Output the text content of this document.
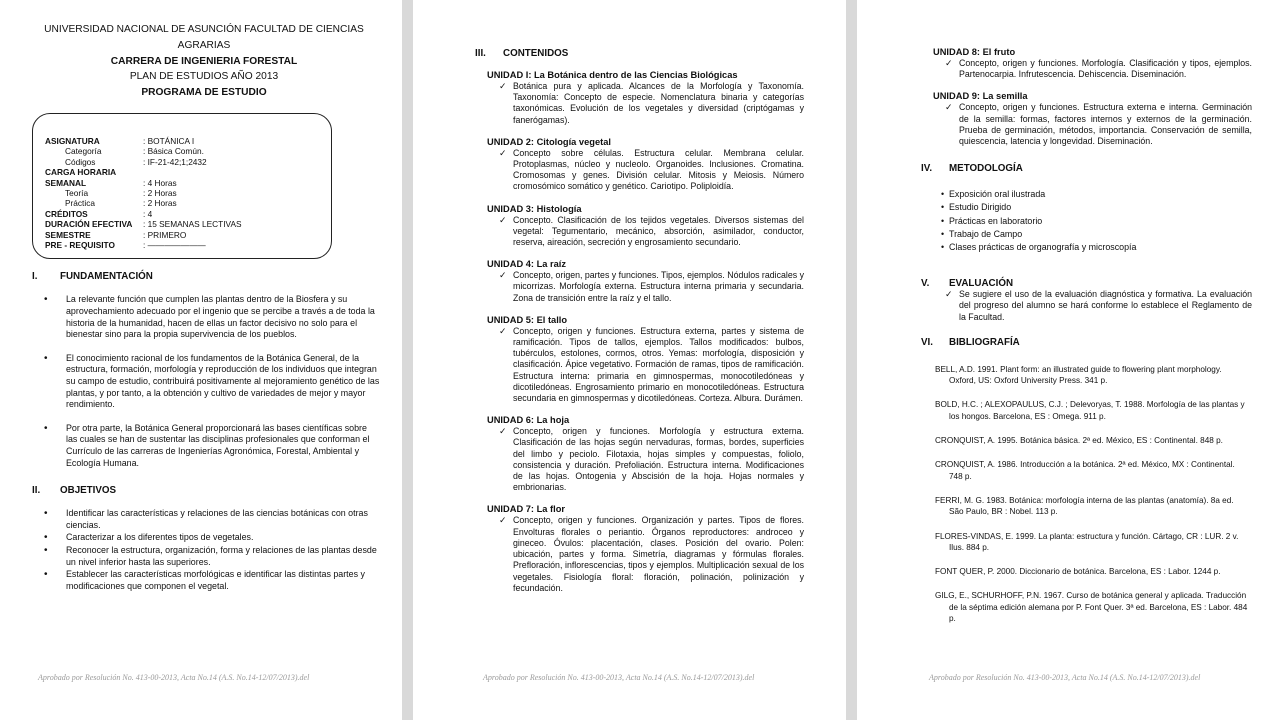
UNIVERSIDAD NACIONAL DE ASUNCIÓN FACULTAD DE CIENCIAS AGRARIAS
CARRERA DE INGENIERIA FORESTAL
PLAN DE ESTUDIOS AÑO 2013
PROGRAMA DE ESTUDIO
ASIGNATURA	: BOTÁNICA I
Categoría	: Básica Común.
Códigos	: IF-21-42;1;2432
CARGA HORARIA
SEMANAL	: 4 Horas
Teoría	: 2 Horas
Práctica	: 2 Horas
CRÉDITOS	: 4
DURACIÓN EFECTIVA	: 15 SEMANAS LECTIVAS
SEMESTRE	: PRIMERO
PRE - REQUISITO	: ———————
I.	FUNDAMENTACIÓN
• La relevante función que cumplen las plantas dentro de la Biosfera y su aprovechamiento adecuado por el ingenio que se percibe a través a de toda la historia de la humanidad, hacen de ellas un factor decisivo no solo para el bienestar sino para la propia supervivencia de los pueblos.
• El conocimiento racional de los fundamentos de la Botánica General, de la estructura, formación, morfología y reproducción de los individuos que integran su campo de estudio, contribuirá positivamente al mejoramiento genético de las plantas, y por tanto, a la obtención y cultivo de variedades de mejor y mayor rendimiento.
• Por otra parte, la Botánica General proporcionará las bases científicas sobre las cuales se han de sustentar las disciplinas profesionales que conforman el Currículo de las carreras de Ingenierías Agronómica, Forestal, Ambiental y Ecología Humana.
II.	OBJETIVOS
• Identificar las características y relaciones de las ciencias botánicas con otras ciencias.
• Caracterizar a los diferentes tipos de vegetales.
• Reconocer la estructura, organización, forma y relaciones de las plantas desde un nivel inferior hasta las superiores.
• Establecer las características morfológicas e identificar las distintas partes y modificaciones que componen el vegetal.
Aprobado por Resolución No. 413-00-2013, Acta No.14 (A.S. No.14-12/07/2013).del
III.	CONTENIDOS
UNIDAD I: La Botánica dentro de las Ciencias Biológicas
✓ Botánica pura y aplicada. Alcances de la Morfología y Taxonomía. Taxonomía: Concepto de especie. Nomenclatura binaria y categorías taxonómicas. Evolución de los vegetales y diversidad (criptógamas y fanerógamas).
UNIDAD 2: Citología vegetal
✓ Concepto sobre células. Estructura celular. Membrana celular. Protoplasmas, núcleo y nucleolo. Organoides. Inclusiones. Cromatina. Cromosomas y genes. División celular. Mitosis y Meiosis. Número cromosómico somático y genético. Cariotipo. Poliploidía.
UNIDAD 3: Histología
✓ Concepto. Clasificación de los tejidos vegetales. Diversos sistemas del vegetal: Tegumentario, mecánico, absorción, asimilador, conductor, reserva, aireación, secreción y engrosamiento secundario.
UNIDAD 4: La raíz
✓ Concepto, origen, partes y funciones. Tipos, ejemplos. Nódulos radicales y micorrizas. Morfología externa. Estructura interna primaria y secundaria. Zona de transición entre la raíz y el tallo.
UNIDAD 5: El tallo
✓ Concepto, origen y funciones. Estructura externa, partes y sistema de ramificación. Tipos de tallos, ejemplos. Tallos modificados: bulbos, tubérculos, estolones, cormos, otros. Yemas: morfología, disposición y clasificación. Ápice vegetativo. Formación de ramas, tipos de ramificación. Estructura interna: primaria en gimnospermas, monocotiledóneas y dicotiledóneas. Engrosamiento primario en monocotiledóneas. Estructura secundaria en gimnospermas y dicotiledóneas. Corteza. Albura. Durámen.
UNIDAD 6: La hoja
✓ Concepto, origen y funciones. Morfología y estructura externa. Clasificación de las hojas según nervaduras, formas, bordes, superficies del limbo y peciolo. Filotaxia, hojas simples y compuestas, foliolo, consistencia y duración. Prefoliación. Estructura interna. Modificaciones de las hojas. Ontogenia y Abscisión de la hoja. Hojas normales y embrionarias.
UNIDAD 7: La flor
✓ Concepto, origen y funciones. Organización y partes. Tipos de flores. Envolturas florales o periantio. Órganos reproductores: androceo y gineceo. Óvulos: placentación, clases. Posición del ovario. Polen: ubicación, partes y forma. Simetría, diagramas y fórmulas florales. Prefloración, inflorescencias, tipos y ejemplos. Multiplicación sexual de los vegetales. Fisiología floral: floración, polinación, polinización y fecundación.
Aprobado por Resolución No. 413-00-2013, Acta No.14 (A.S. No.14-12/07/2013).del
UNIDAD 8: El fruto
✓ Concepto, origen y funciones. Morfología. Clasificación y tipos, ejemplos. Partenocarpia. Infrutescencia. Dehiscencia. Diseminación.
UNIDAD 9: La semilla
✓ Concepto, origen y funciones. Estructura externa e interna. Germinación de la semilla: formas, factores internos y externos de la germinación. Prueba de germinación, métodos, importancia. Conservación de semilla, quiescencia, latencia y longevidad. Diseminación.
IV.	METODOLOGÍA
• Exposición oral ilustrada
• Estudio Dirigido
• Prácticas en laboratorio
• Trabajo de Campo
• Clases prácticas de organografía y microscopía
V.	EVALUACIÓN
✓ Se sugiere el uso de la evaluación diagnóstica y formativa. La evaluación del progreso del alumno se hará conforme lo establece el Reglamento de la Facultad.
VI.	BIBLIOGRAFÍA
BELL, A.D. 1991. Plant form: an illustrated guide to flowering plant morphology. Oxford, US: Oxford University Press. 341 p.
BOLD, H.C. ; ALEXOPAULUS, C.J. ; Delevoryas, T. 1988. Morfología de las plantas y los hongos. Barcelona, ES : Omega. 911 p.
CRONQUIST, A. 1995. Botánica básica. 2ª ed. México, ES : Continental. 848 p.
CRONQUIST, A. 1986. Introducción a la botánica. 2ª ed. México, MX : Continental. 748 p.
FERRI, M. G. 1983. Botánica: morfología interna de las plantas (anatomía). 8a ed. São Paulo, BR : Nobel. 113 p.
FLORES-VINDAS, E. 1999. La planta: estructura y función. Cártago, CR : LUR. 2 v. Ilus. 884 p.
FONT QUER, P. 2000. Diccionario de botánica. Barcelona, ES : Labor. 1244 p.
GILG, E., SCHURHOFF, P.N. 1967. Curso de botánica general y aplicada. Traducción de la séptima edición alemana por P. Font Quer. 3ª ed. Barcelona, ES : Labor. 484 p.
Aprobado por Resolución No. 413-00-2013, Acta No.14 (A.S. No.14-12/07/2013).del
